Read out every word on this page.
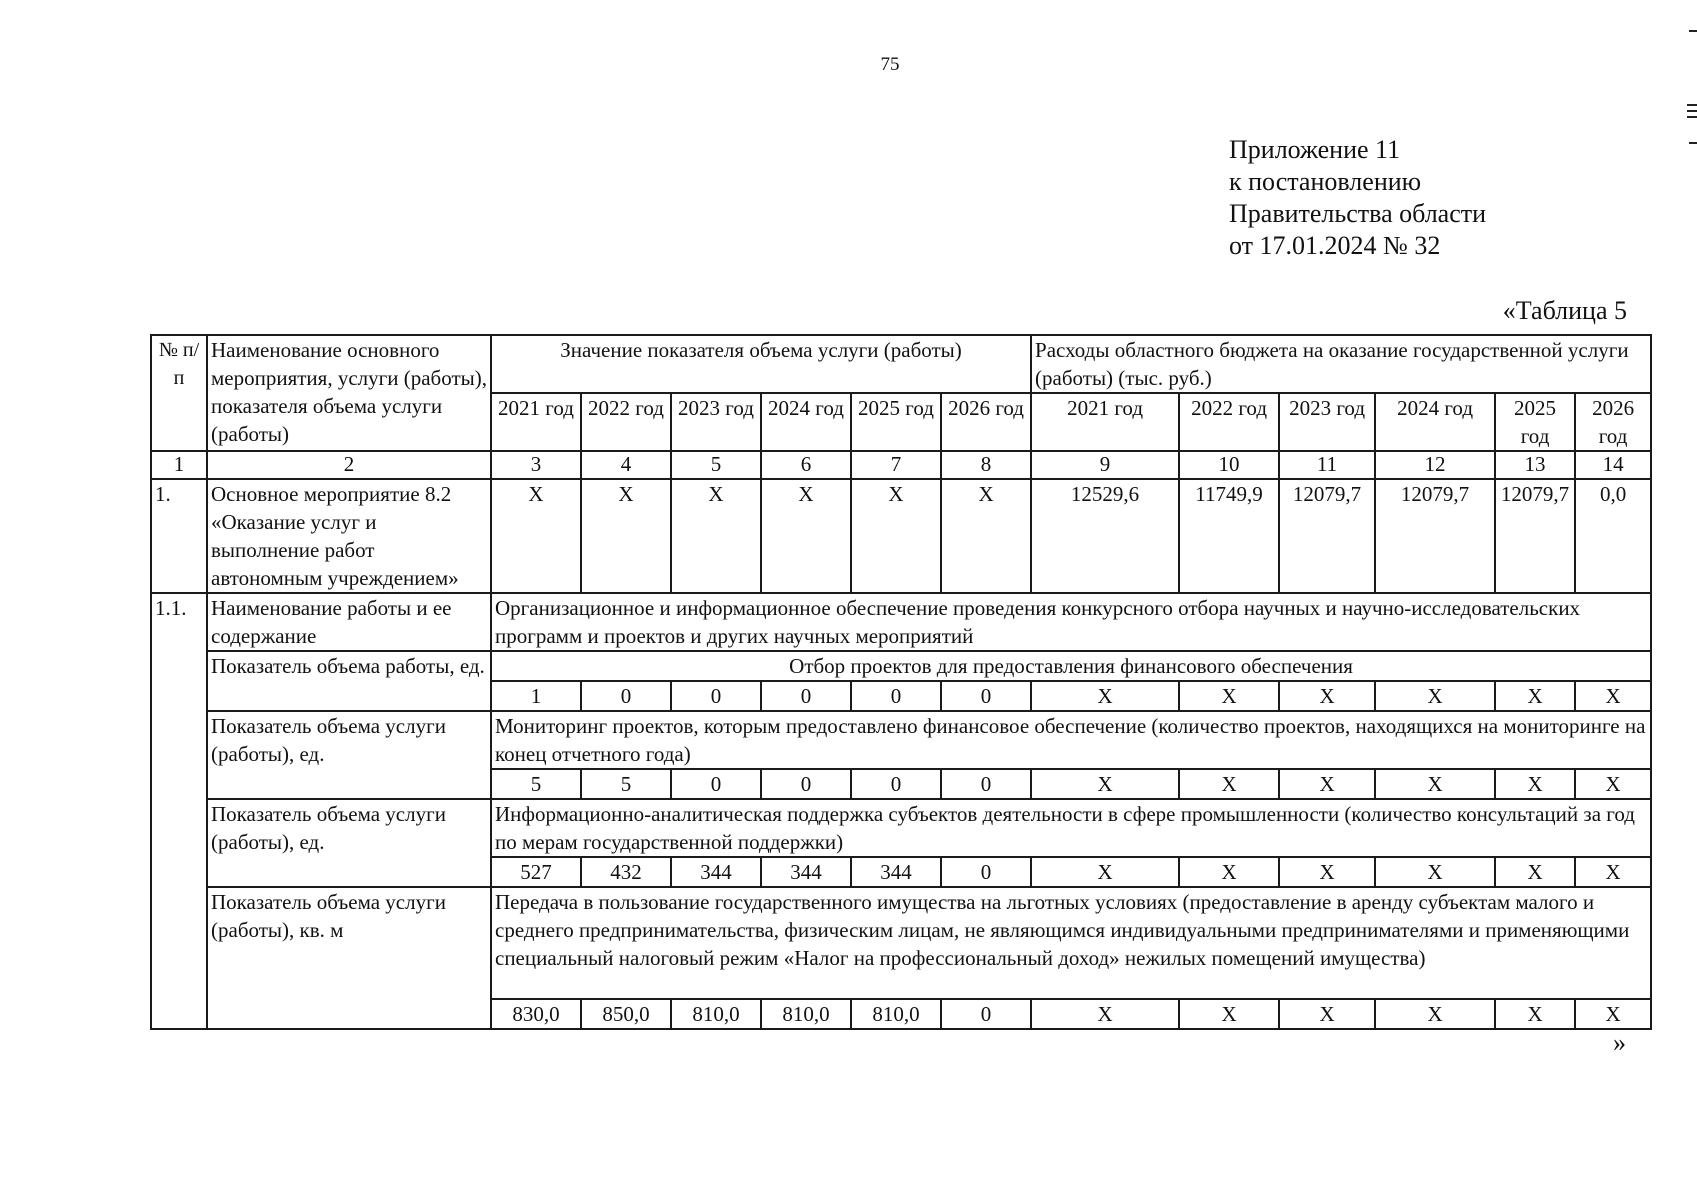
75
Приложение 11
к постановлению
Правительства области
от 17.01.2024 № 32
«Таблица 5
№ п/п	Наименование основного мероприятия, услуги (работы), показателя объема услуги (работы)	Значение показателя объема услуги (работы)						Расходы областного бюджета на оказание государственной услуги (работы) (тыс. руб.)					
		2021 год	2022 год	2023 год	2024 год	2025 год	2026 год	2021 год	2022 год	2023 год	2024 год	2025 год	2026 год
1	2	3	4	5	6	7	8	9	10	11	12	13	14
1.	Основное мероприятие 8.2 «Оказание услуг и выполнение работ автономным учреждением»	X	X	X	X	X	X	12529,6	11749,9	12079,7	12079,7	12079,7	0,0
1.1.	Наименование работы и ее содержание	Организационное и информационное обеспечение проведения конкурсного отбора научных и научно-исследовательских программ и проектов и других научных мероприятий											
	Показатель объема работы, ед.	Отбор проектов для предоставления финансового обеспечения											
		1	0	0	0	0	0	X	X	X	X	X	X
	Показатель объема услуги (работы), ед.	Мониторинг проектов, которым предоставлено финансовое обеспечение (количество проектов, находящихся на мониторинге на конец отчетного года)											
		5	5	0	0	0	0	X	X	X	X	X	X
	Показатель объема услуги (работы), ед.	Информационно-аналитическая поддержка субъектов деятельности в сфере промышленности (количество консультаций за год по мерам государственной поддержки)											
		527	432	344	344	344	0	X	X	X	X	X	X
	Показатель объема услуги (работы), кв. м	Передача в пользование государственного имущества на льготных условиях (предоставление в аренду субъектам малого и среднего предпринимательства, физическим лицам, не являющимся индивидуальными предпринимателями и применяющими специальный налоговый режим «Налог на профессиональный доход» нежилых помещений имущества)											
		830,0	850,0	810,0	810,0	810,0	0	X	X	X	X	X	X
»
